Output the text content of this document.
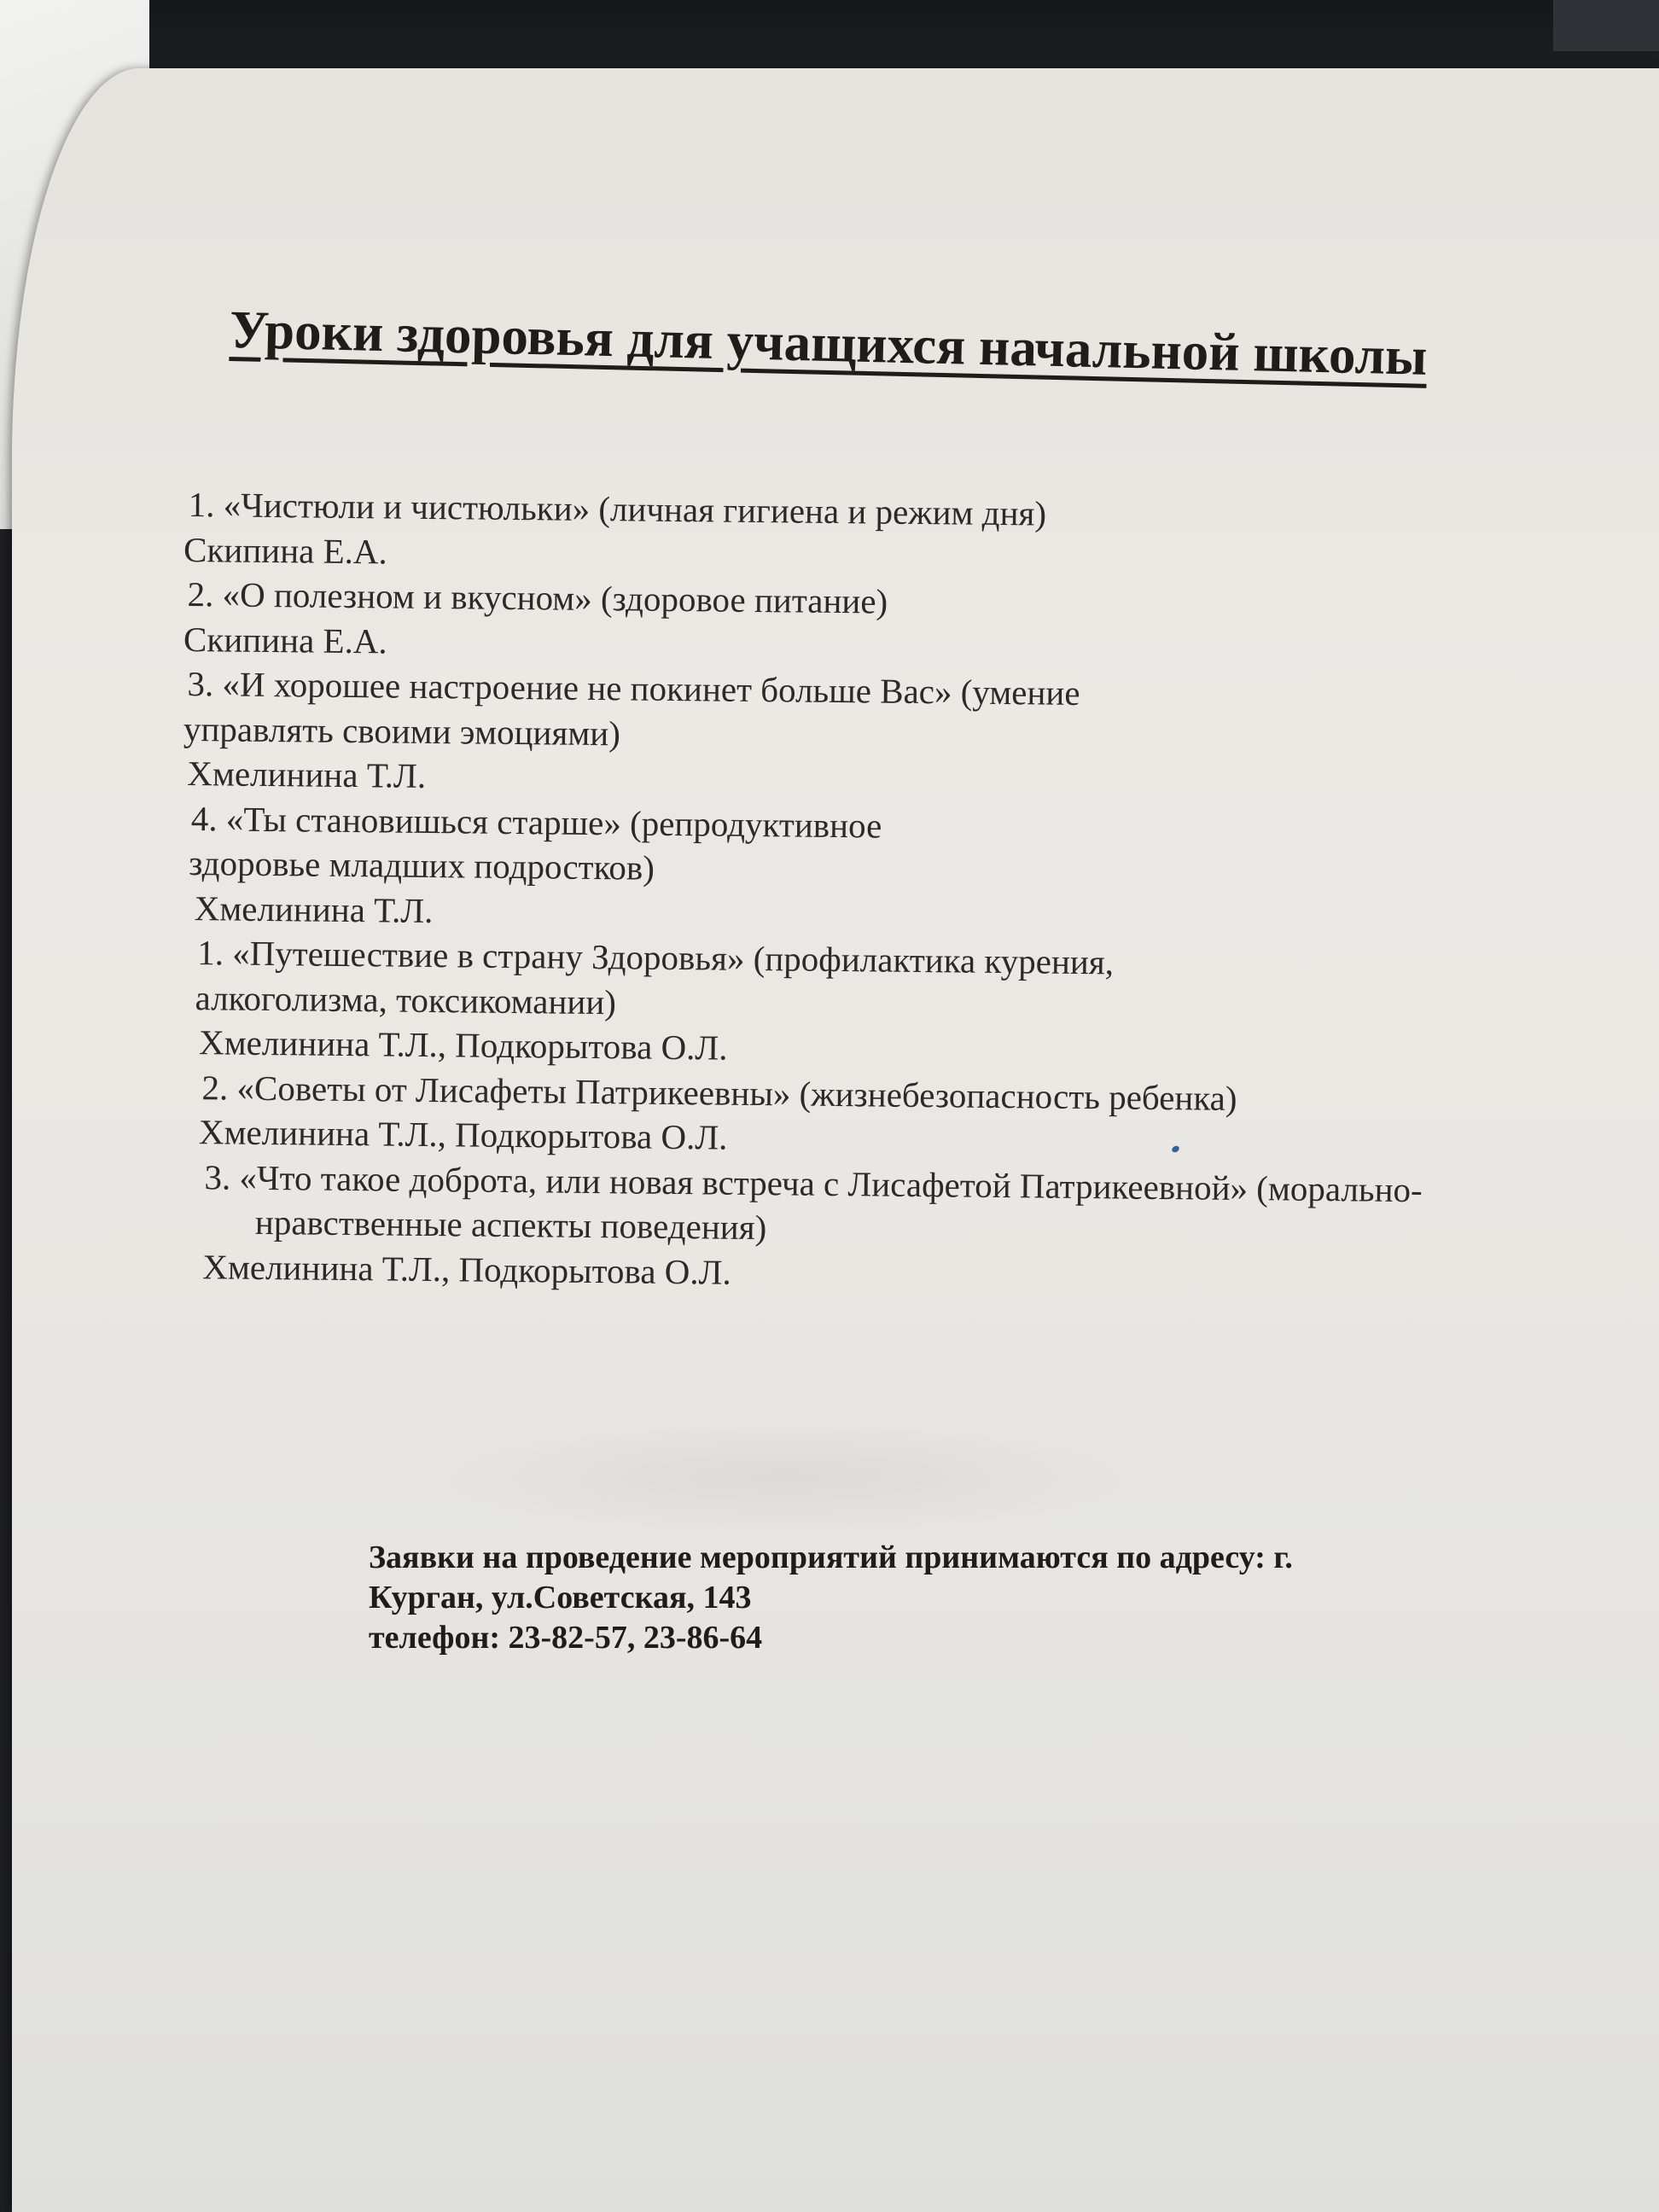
Уроки здоровья для учащихся начальной школы
1. «Чистюли и чистюльки» (личная гигиена и режим дня)
Скипина Е.А.
2. «О полезном и вкусном» (здоровое питание)
Скипина Е.А.
3. «И хорошее настроение не покинет больше Вас» (умение
управлять своими эмоциями)
Хмелинина Т.Л.
4. «Ты становишься старше» (репродуктивное
здоровье младших подростков)
Хмелинина Т.Л.
1. «Путешествие в страну Здоровья» (профилактика курения,
алкоголизма, токсикомании)
Хмелинина Т.Л., Подкорытова О.Л.
2. «Советы от Лисафеты Патрикеевны» (жизнебезопасность ребенка)
Хмелинина Т.Л., Подкорытова О.Л.
3. «Что такое доброта, или новая встреча с Лисафетой Патрикеевной» (морально-
нравственные аспекты поведения)
Хмелинина Т.Л., Подкорытова О.Л.
Заявки на проведение мероприятий принимаются по адресу: г.
Курган, ул.Советская, 143
телефон: 23-82-57, 23-86-64
